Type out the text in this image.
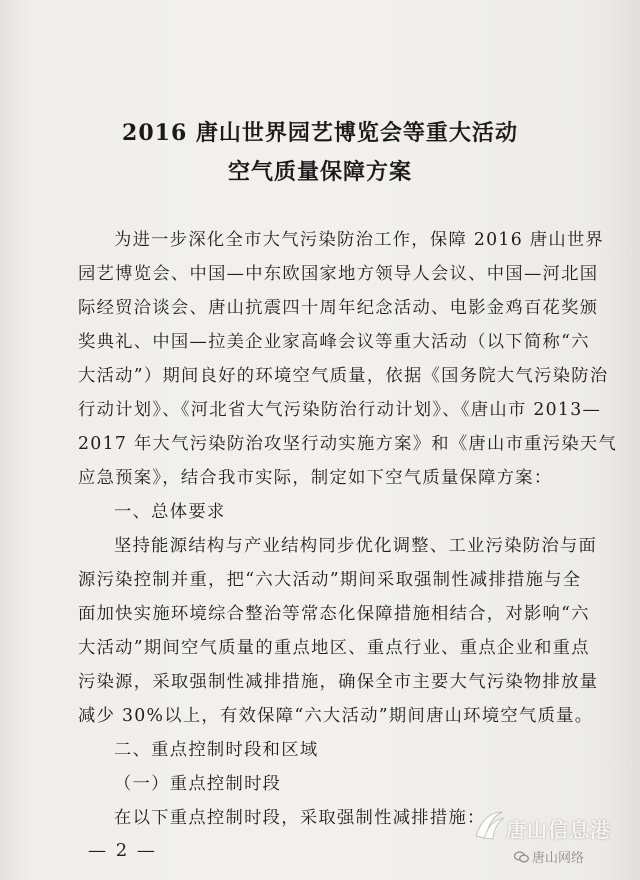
2016 唐山世界园艺博览会等重大活动
空气质量保障方案
为进一步深化全市大气污染防治工作，保障 2016 唐山世界
园艺博览会、中国—中东欧国家地方领导人会议、中国—河北国
际经贸洽谈会、唐山抗震四十周年纪念活动、电影金鸡百花奖颁
奖典礼、中国—拉美企业家高峰会议等重大活动（以下简称“六
大活动”）期间良好的环境空气质量，依据《国务院大气污染防治
行动计划》、《河北省大气污染防治行动计划》、《唐山市 2013—
2017 年大气污染防治攻坚行动实施方案》和《唐山市重污染天气
应急预案》，结合我市实际，制定如下空气质量保障方案：
一、总体要求
坚持能源结构与产业结构同步优化调整、工业污染防治与面
源污染控制并重，把“六大活动”期间采取强制性减排措施与全
面加快实施环境综合整治等常态化保障措施相结合，对影响“六
大活动”期间空气质量的重点地区、重点行业、重点企业和重点
污染源，采取强制性减排措施，确保全市主要大气污染物排放量
减少 30%以上，有效保障“六大活动”期间唐山环境空气质量。
二、重点控制时段和区域
（一）重点控制时段
— 2 —
唐山信息港
唐山网络
在以下重点控制时段，采取强制性减排措施：
